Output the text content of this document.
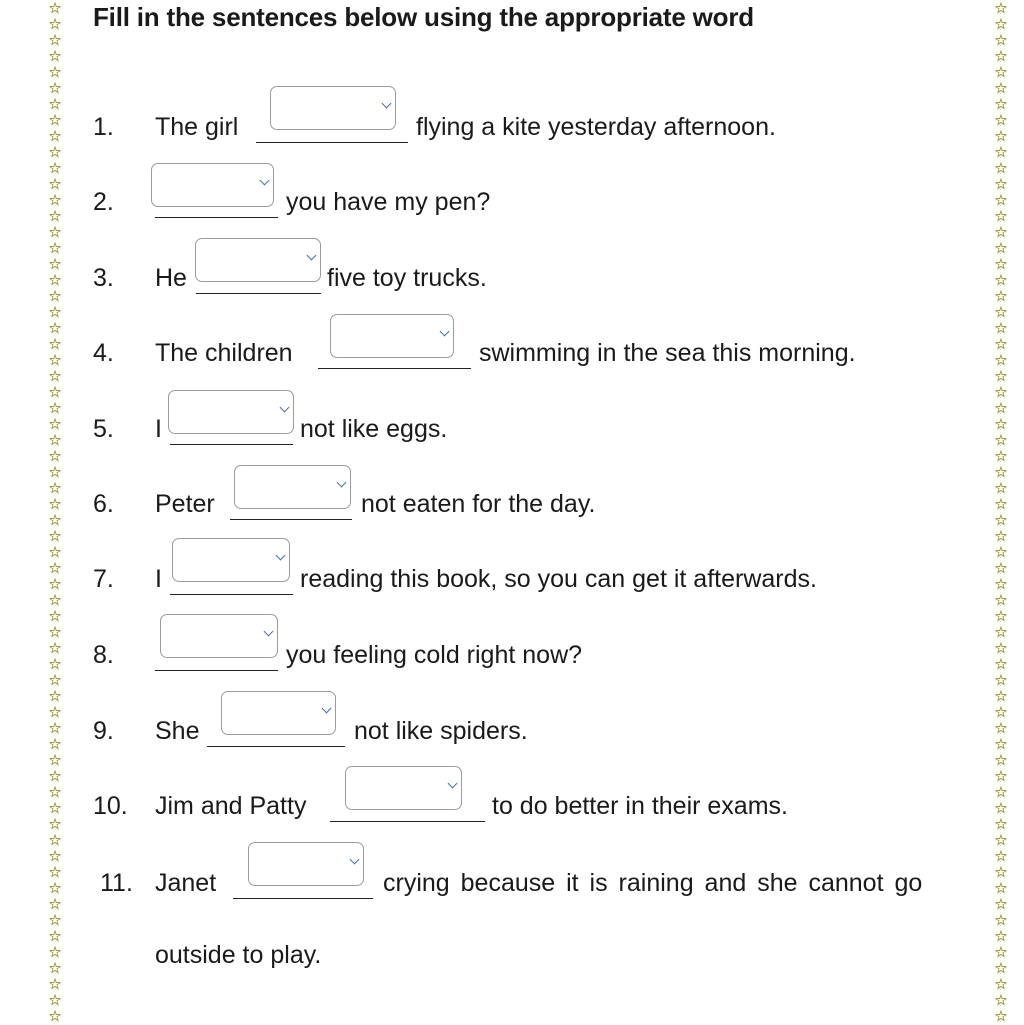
☆
☆
☆
☆
☆
☆
☆
☆
☆
☆
☆
☆
☆
☆
☆
☆
☆
☆
☆
☆
☆
☆
☆
☆
☆
☆
☆
☆
☆
☆
☆
☆
☆
☆
☆
☆
☆
☆
☆
☆
☆
☆
☆
☆
☆
☆
☆
☆
☆
☆
☆
☆
☆
☆
☆
☆
☆
☆
☆
☆
☆
☆
☆
☆
☆
☆
☆
☆
☆
☆
☆
☆
☆
☆
☆
☆
☆
☆
☆
☆
☆
☆
☆
☆
☆
☆
☆
☆
☆
☆
☆
☆
☆
☆
☆
☆
☆
☆
☆
☆
☆
☆
☆
☆
☆
☆
☆
☆
☆
☆
☆
☆
☆
☆
☆
☆
☆
☆
☆
☆
☆
☆
☆
☆
☆
☆
☆
☆
Fill in the sentences below using the appropriate word
1. The girl	flying a kite yesterday afternoon.
2.	you have my pen?
3. He	five toy trucks.
4. The children	swimming in the sea this morning.
5. I	not like eggs.
6. Peter	not eaten for the day.
7. I	reading this book, so you can get it afterwards.
8.	you feeling cold right now?
9. She	not like spiders.
10. Jim and Patty	to do better in their exams.
11. Janet	crying because it is raining and she cannot go
outside to play.
